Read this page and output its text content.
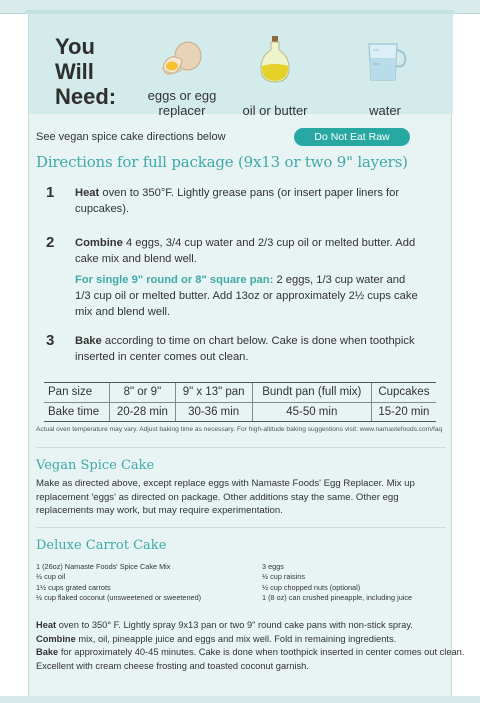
You
Will
Need:	eggs or egg replacer	oil or butter	water
See vegan spice cake directions below	Do Not Eat Raw
Directions for full package (9x13 or two 9" layers)
1 Heat oven to 350°F. Lightly grease pans (or insert paper liners for cupcakes).
2 Combine 4 eggs, 3/4 cup water and 2/3 cup oil or melted butter. Add cake mix and blend well.
For single 9" round or 8" square pan: 2 eggs, 1/3 cup water and 1/3 cup oil or melted butter. Add 13oz or approximately 2½ cups cake mix and blend well.
3 Bake according to time on chart below. Cake is done when toothpick inserted in center comes out clean.
Pan size	8" or 9"	9" x 13" pan	Bundt pan (full mix)	Cupcakes
Bake time	20-28 min	30-36 min	45-50 min	15-20 min
Actual oven temperature may vary. Adjust baking time as necessary. For high-altitude baking suggestions visit: www.namastefoods.com/faq
Vegan Spice Cake
Make as directed above, except replace eggs with Namaste Foods' Egg Replacer. Mix up replacement 'eggs' as directed on package. Other additions stay the same. Other egg replacements may work, but may require experimentation.
Deluxe Carrot Cake
1 (26oz) Namaste Foods' Spice Cake Mix
½ cup oil
1½ cups grated carrots
½ cup flaked coconut (unsweetened or sweetened)
3 eggs
½ cup raisins
½ cup chopped nuts (optional)
1 (8 oz) can crushed pineapple, including juice
Heat oven to 350° F. Lightly spray 9x13 pan or two 9" round cake pans with non-stick spray.
Combine mix, oil, pineapple juice and eggs and mix well. Fold in remaining ingredients.
Bake for approximately 40-45 minutes. Cake is done when toothpick inserted in center comes out clean.
Excellent with cream cheese frosting and toasted coconut garnish.
